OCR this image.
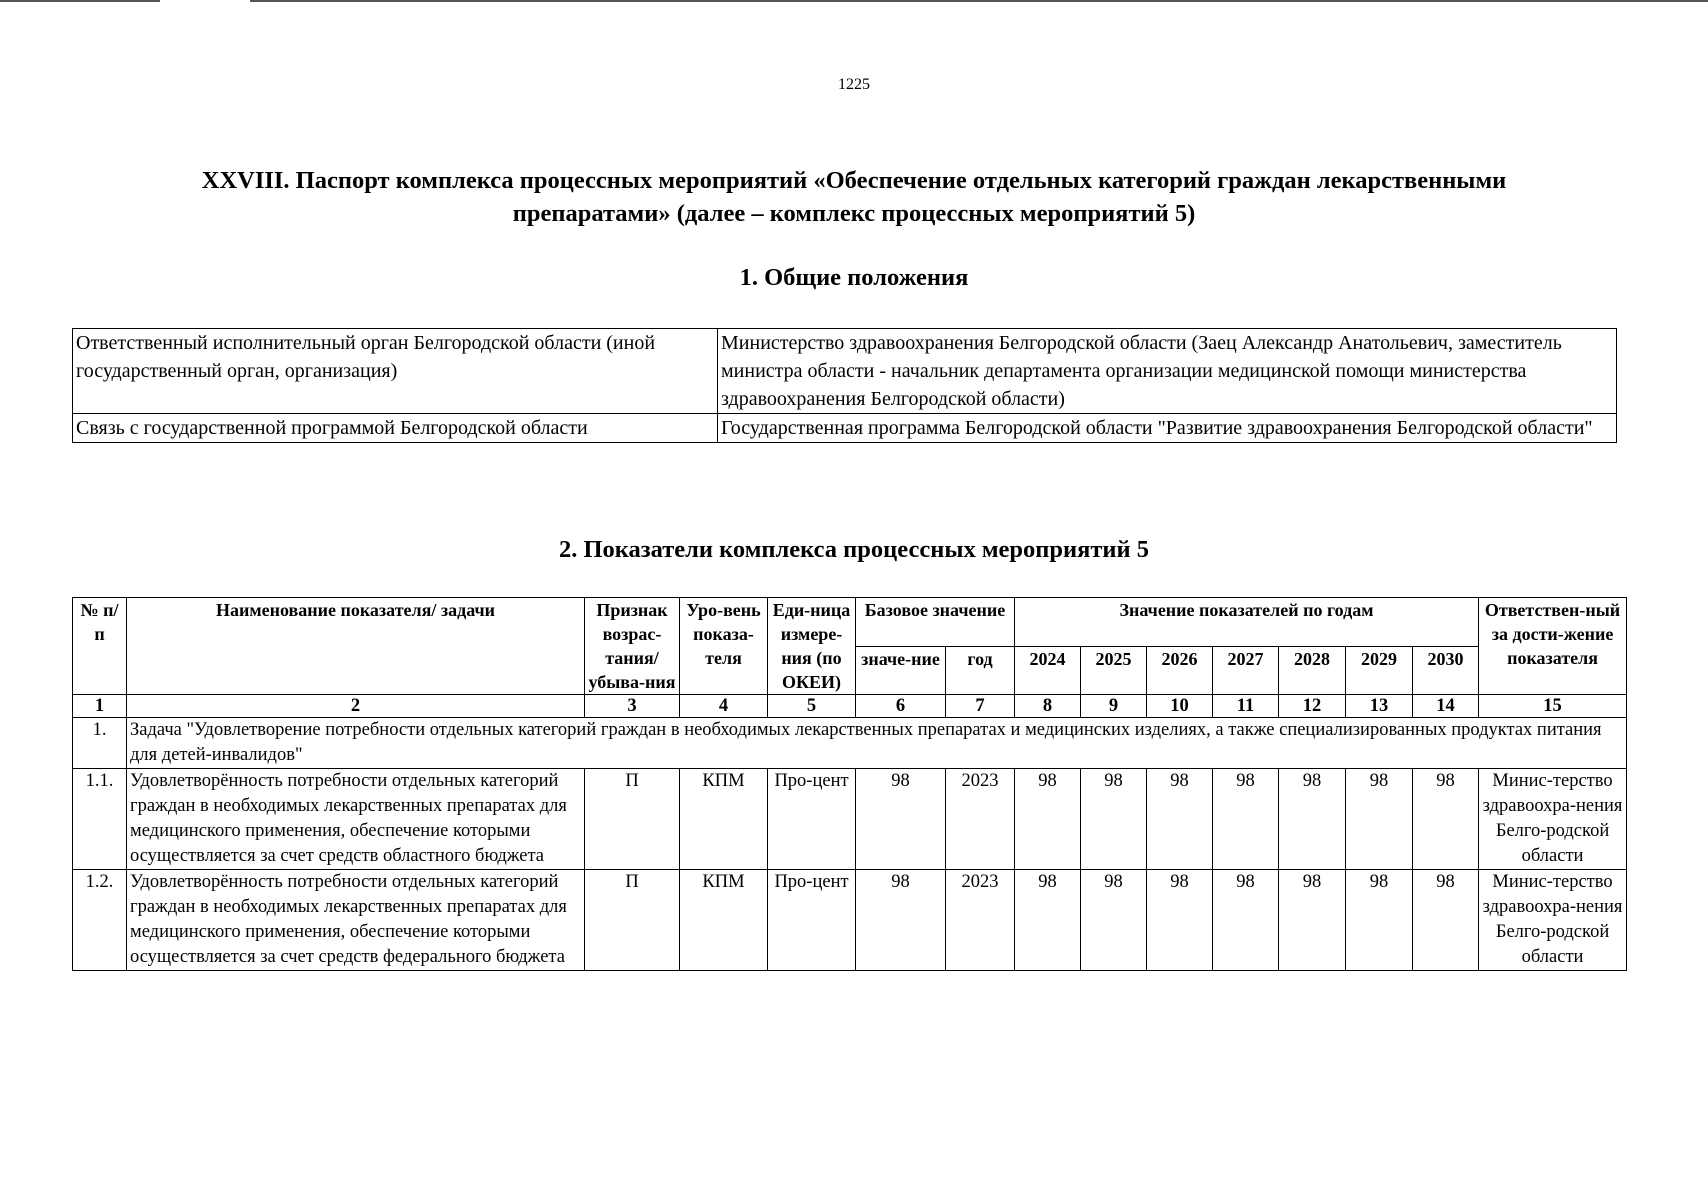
1225
XXVIII. Паспорт комплекса процессных мероприятий «Обеспечение отдельных категорий граждан лекарственными препаратами» (далее – комплекс процессных мероприятий 5)
1. Общие положения
Ответственный исполнительный орган Белгородской области (иной государственный орган, организация)	Министерство здравоохранения Белгородской области (Заец Александр Анатольевич, заместитель министра области - начальник департамента организации медицинской помощи министерства здравоохранения Белгородской области)
Связь с государственной программой Белгородской области	Государственная программа Белгородской области "Развитие здравоохранения Белгородской области"
2. Показатели комплекса процессных мероприятий 5
№ п/п	Наименование показателя/ задачи	Признак возрас-тания/ убыва-ния	Уро-вень показа-теля	Еди-ница измере-ния (по ОКЕИ)	Базовое значение		Значение показателей по годам							Ответствен-ный за дости-жение показателя
					значе-ние	год	2024	2025	2026	2027	2028	2029	2030	
1	2	3	4	5	6	7	8	9	10	11	12	13	14	15
1.	Задача "Удовлетворение потребности отдельных категорий граждан в необходимых лекарственных препаратах и медицинских изделиях, а также специализированных продуктах питания для детей-инвалидов"													
1.1.	Удовлетворённость потребности отдельных категорий граждан в необходимых лекарственных препаратах для медицинского применения, обеспечение которыми осуществляется за счет средств областного бюджета	П	КПМ	Про-цент	98	2023	98	98	98	98	98	98	98	Минис-терство здравоохра-нения Белго-родской области
1.2.	Удовлетворённость потребности отдельных категорий граждан в необходимых лекарственных препаратах для медицинского применения, обеспечение которыми осуществляется за счет средств федерального бюджета	П	КПМ	Про-цент	98	2023	98	98	98	98	98	98	98	Минис-терство здравоохра-нения Белго-родской области
